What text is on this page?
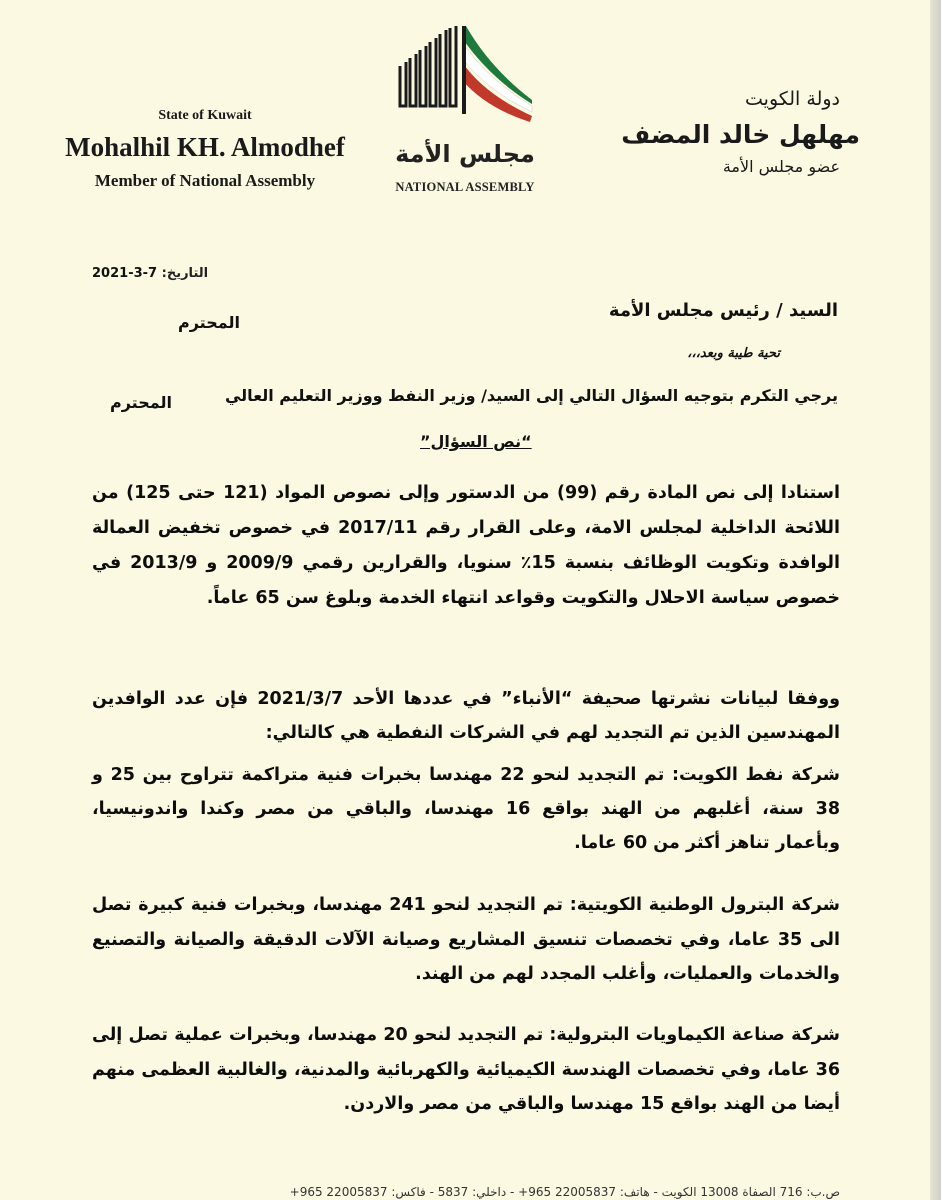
State of Kuwait
Mohalhil KH. Almodhef
Member of National Assembly
مجلس الأمة
NATIONAL ASSEMBLY
دولة الكويت
مهلهل خالد المضف
عضو مجلس الأمة
التاريخ: 7-3-2021
السيد / رئيس مجلس الأمة
المحترم
تحية طيبة وبعد،،،
يرجي التكرم بتوجيه السؤال التالي إلى السيد/ وزير النفط ووزير التعليم العالي
المحترم
“نص السؤال”
استنادا إلى نص المادة رقم (99) من الدستور وإلى نصوص المواد (121 حتى 125) من اللائحة الداخلية لمجلس الامة، وعلى القرار رقم 2017/11 في خصوص تخفيض العمالة الوافدة وتكويت الوظائف بنسبة 15٪ سنويا، والقرارين رقمي 2009/9 و 2013/9 في خصوص سياسة الاحلال والتكويت وقواعد انتهاء الخدمة وبلوغ سن 65 عاماً.
ووفقا لبيانات نشرتها صحيفة “الأنباء” في عددها الأحد 2021/3/7 فإن عدد الوافدين المهندسين الذين تم التجديد لهم في الشركات النفطية هي كالتالي:
شركة نفط الكويت: تم التجديد لنحو 22 مهندسا بخبرات فنية متراكمة تتراوح بين 25 و 38 سنة، أغلبهم من الهند بواقع 16 مهندسا، والباقي من مصر وكندا واندونيسيا، وبأعمار تناهز أكثر من 60 عاما.
شركة البترول الوطنية الكويتية: تم التجديد لنحو 241 مهندسا، وبخبرات فنية كبيرة تصل الى 35 عاما، وفي تخصصات تنسيق المشاريع وصيانة الآلات الدقيقة والصيانة والتصنيع والخدمات والعمليات، وأغلب المجدد لهم من الهند.
شركة صناعة الكيماويات البترولية: تم التجديد لنحو 20 مهندسا، وبخبرات عملية تصل إلى 36 عاما، وفي تخصصات الهندسة الكيميائية والكهربائية والمدنية، والغالبية العظمى منهم أيضا من الهند بواقع 15 مهندسا والباقي من مصر والاردن.
ص.ب: 716 الصفاة 13008 الكويت - هاتف: 22005837 965+ - داخلي: 5837 - فاكس: 22005837 965+
